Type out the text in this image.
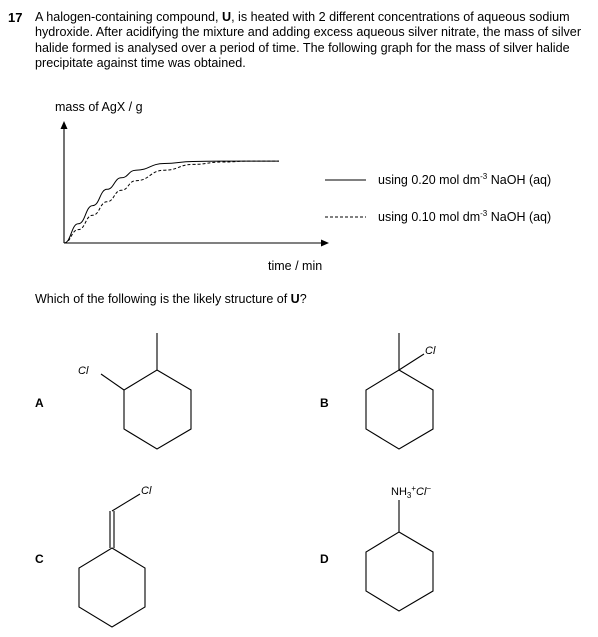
17 A halogen-containing compound, U, is heated with 2 different concentrations of aqueous sodium hydroxide. After acidifying the mixture and adding excess aqueous silver nitrate, the mass of silver halide formed is analysed over a period of time. The following graph for the mass of silver halide precipitate against time was obtained.

mass of AgX / g
time / min
using 0.20 mol $dm^{-3}$ NaOH (aq)
using 0.10 mol $dm^{-3}$ NaOH (aq)
Cl
Cl
Cl	$NH_3^+Cl^-$
Which of the following is the likely structure of U?
A	B
C	D
